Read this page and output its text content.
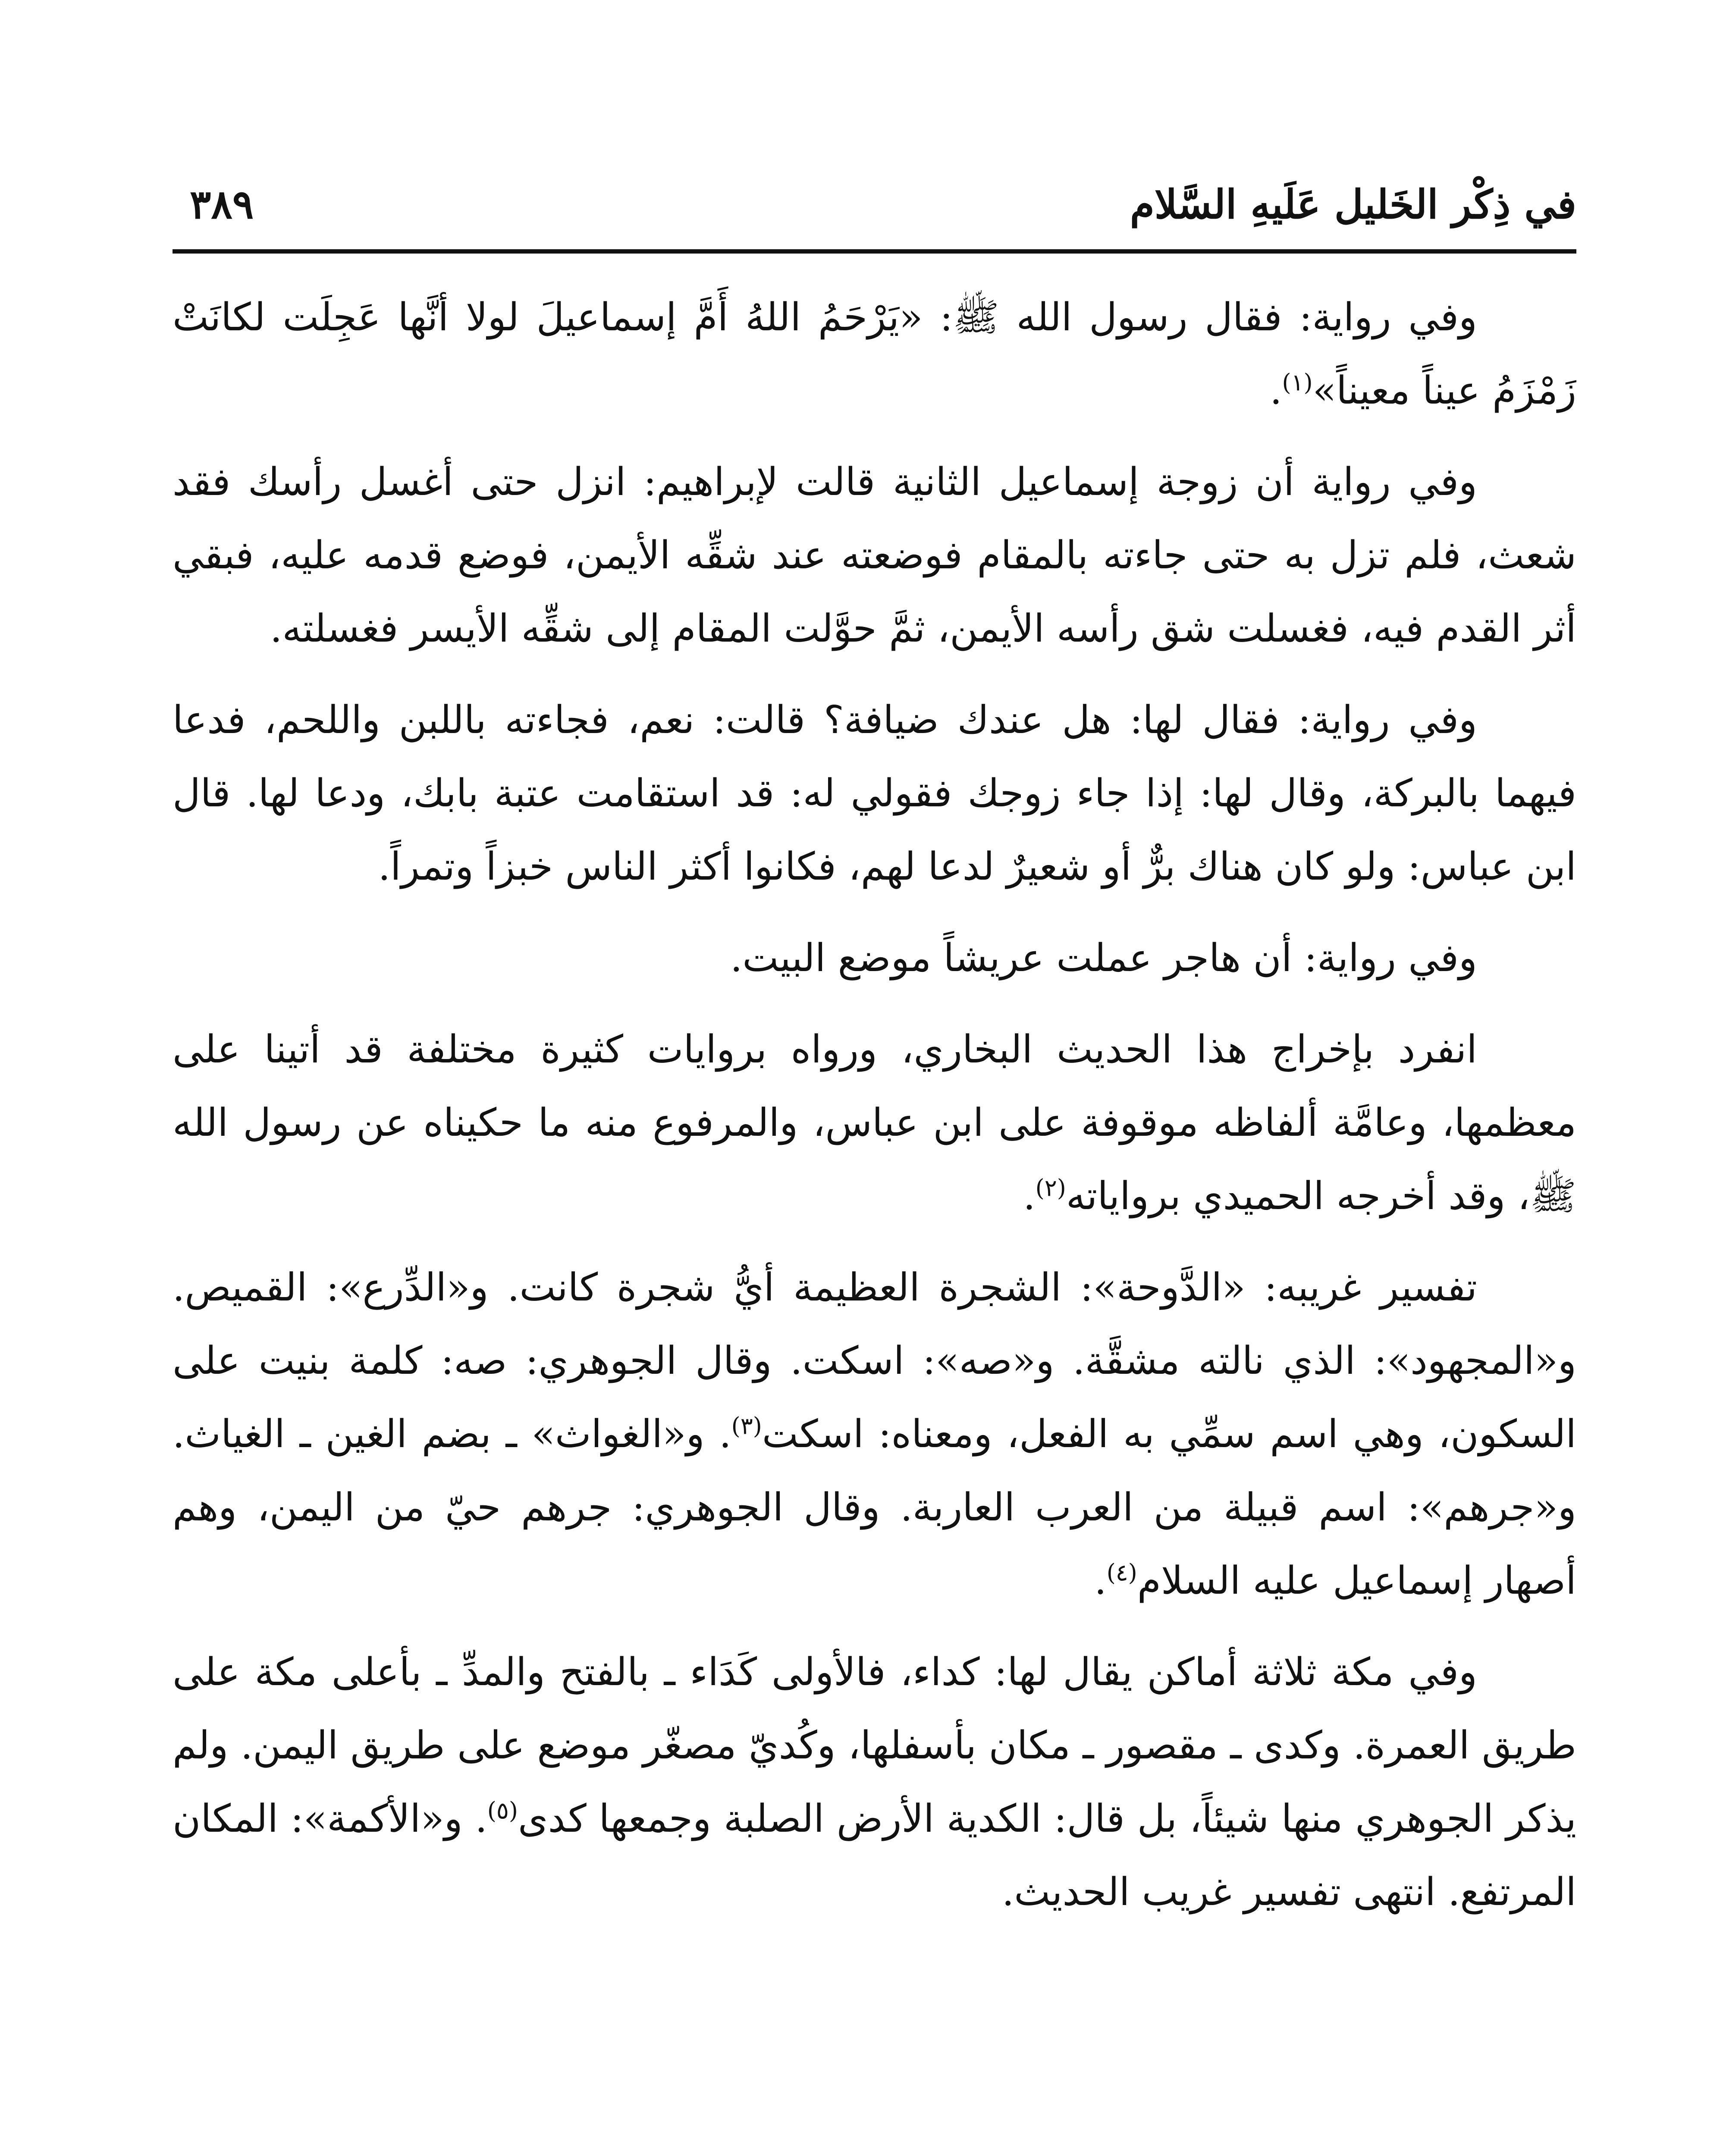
في ذِكْر الخَليل عَلَيهِ السَّلام
٣٨٩

وفي رواية: فقال رسول الله ﷺ: «يَرْحَمُ اللهُ أَمَّ إسماعيلَ لولا أنَّها عَجِلَت لكانَتْ زَمْزَمُ عيناً معيناً»$^{(١)}$.

وفي رواية أن زوجة إسماعيل الثانية قالت لإبراهيم: انزل حتى أغسل رأسك فقد شعث، فلم تزل به حتى جاءته بالمقام فوضعته عند شقِّه الأيمن، فوضع قدمه عليه، فبقي أثر القدم فيه، فغسلت شق رأسه الأيمن، ثمَّ حوَّلت المقام إلى شقِّه الأيسر فغسلته.

وفي رواية: فقال لها: هل عندك ضيافة؟ قالت: نعم، فجاءته باللبن واللحم، فدعا فيهما بالبركة، وقال لها: إذا جاء زوجك فقولي له: قد استقامت عتبة بابك، ودعا لها. قال ابن عباس: ولو كان هناك برٌّ أو شعيرٌ لدعا لهم، فكانوا أكثر الناس خبزاً وتمراً.

وفي رواية: أن هاجر عملت عريشاً موضع البيت.

انفرد بإخراج هذا الحديث البخاري، ورواه بروايات كثيرة مختلفة قد أتينا على معظمها، وعامَّة ألفاظه موقوفة على ابن عباس، والمرفوع منه ما حكيناه عن رسول الله ﷺ، وقد أخرجه الحميدي برواياته$^{(٢)}$.

تفسير غريبه: «الدَّوحة»: الشجرة العظيمة أيُّ شجرة كانت. و«الدِّرع»: القميص. و«المجهود»: الذي نالته مشقَّة. و«صه»: اسكت. وقال الجوهري: صه: كلمة بنيت على السكون، وهي اسم سمِّي به الفعل، ومعناه: اسكت$^{(٣)}$. و«الغواث» ـ بضم الغين ـ الغياث. و«جرهم»: اسم قبيلة من العرب العاربة. وقال الجوهري: جرهم حيّ من اليمن، وهم أصهار إسماعيل عليه السلام$^{(٤)}$.

وفي مكة ثلاثة أماكن يقال لها: كداء، فالأولى كَدَاء ـ بالفتح والمدِّ ـ بأعلى مكة على طريق العمرة. وكدى ـ مقصور ـ مكان بأسفلها، وكُديّ مصغّر موضع على طريق اليمن. ولم يذكر الجوهري منها شيئاً، بل قال: الكدية الأرض الصلبة وجمعها كدى$^{(٥)}$. و«الأكمة»: المكان المرتفع. انتهى تفسير غريب الحديث.
